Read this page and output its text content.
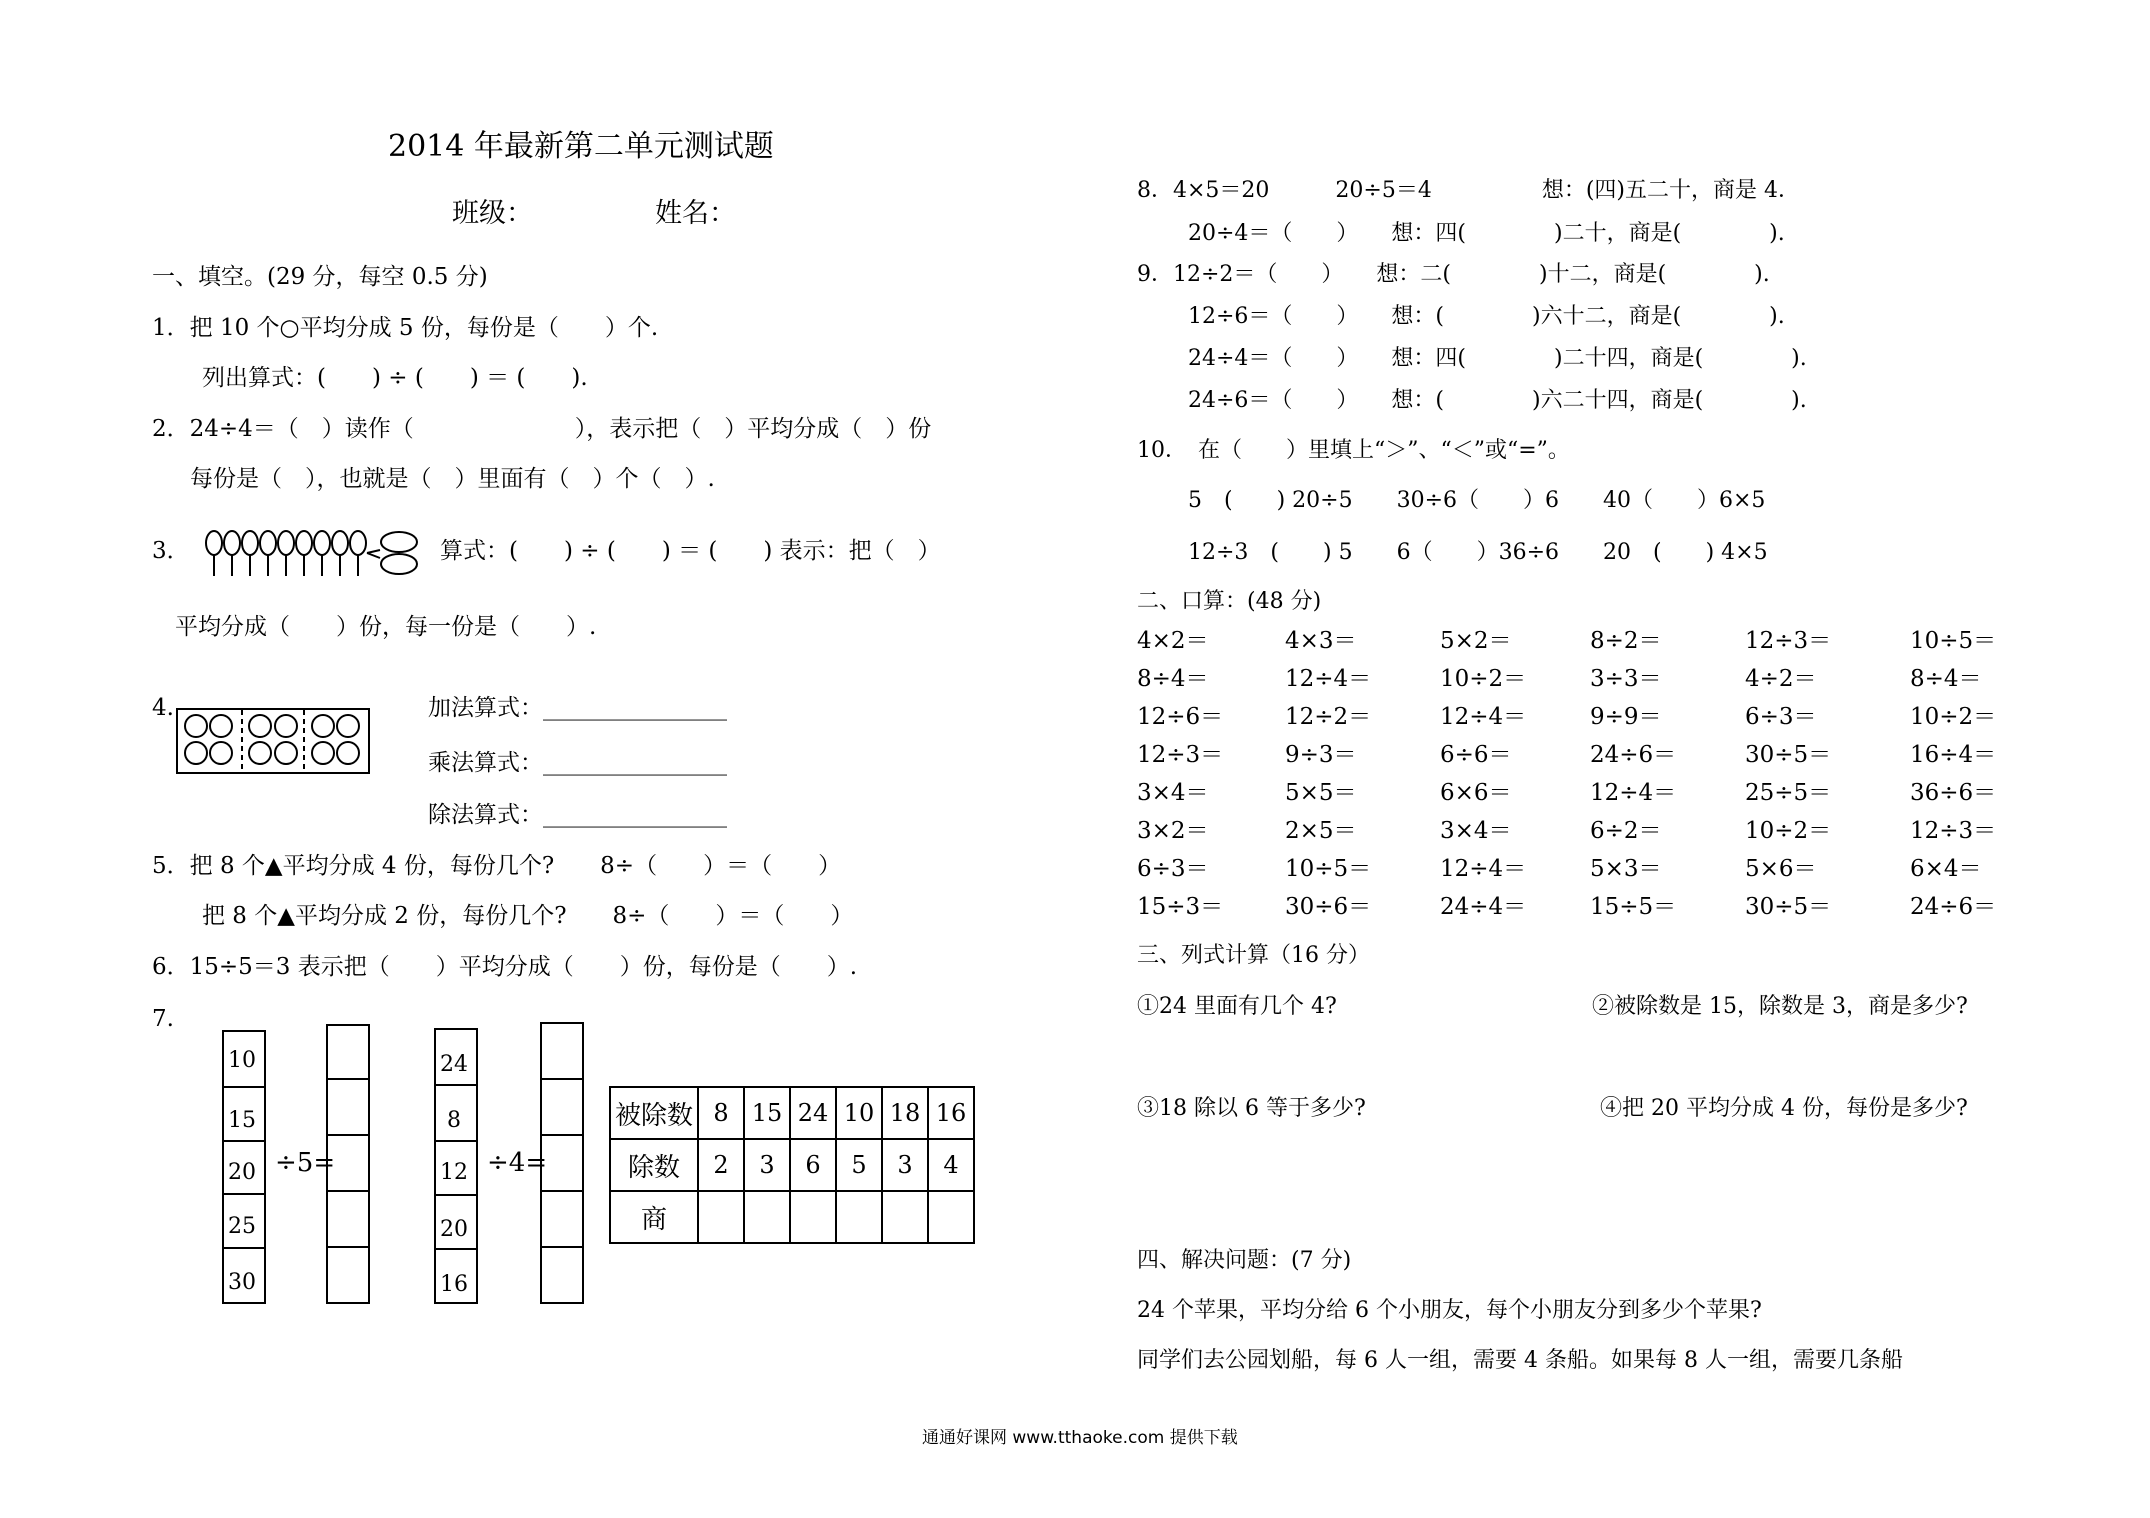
2014 年最新第二单元测试题
班级：	姓名：
一、填空。(29 分，每空 0.5 分)
1．把 10 个○平均分成 5 份，每份是（　　）个.
列出算式：(　　) ÷ (　　) ＝ (　　).
2．24÷4＝（　）读作（　　　　　　　），表示把（　）平均分成（　）份
每份是（　），也就是（　）里面有（　）个（　）.
3．	算式：(　　) ÷ (　　) ＝ (　　) 表示：把（　）
平均分成（　　）份，每一份是（　　）.
4.	加法算式：________________
乘法算式：________________
除法算式：________________
5．把 8 个▲平均分成 4 份，每份几个?　　8÷（　　）＝（　　）
把 8 个▲平均分成 2 份，每份几个?　　8÷（　　）＝（　　）
6．15÷5＝3 表示把（　　）平均分成（　　）份，每份是（　　）.
7.
10
15
20
25
30
÷5=
24
8
12
20
16
÷4=
被除数	8	15	24	10	18	16
除数	2	3	6	5	3	4
商						
8．4×5＝20　　　20÷5＝4　　　　　想：(四)五二十，商是 4．
20÷4＝（　　）　　想：四(　　　　)二十，商是(　　　　).
9．12÷2＝（　　）　　想：二(　　　　)十二，商是(　　　　).
12÷6＝（　　）　　想：(　　　　)六十二，商是(　　　　).
24÷4＝（　　）　　想：四(　　　　)二十四，商是(　　　　).
24÷6＝（　　）　　想：(　　　　)六二十四，商是(　　　　).
10．　在（　　）里填上“＞”、“＜”或“=”。
5　(　　) 20÷5　　30÷6（　　）6　　40（　　）6×5
12÷3　(　　) 5　　6（　　）36÷6　　20　(　　) 4×5
二、口算：(48 分)
4×2＝	4×3＝	5×2＝	8÷2＝	12÷3＝	10÷5＝
8÷4＝	12÷4＝	10÷2＝	3÷3＝	4÷2＝	8÷4＝
12÷6＝	12÷2＝	12÷4＝	9÷9＝	6÷3＝	10÷2＝
12÷3＝	9÷3＝	6÷6＝	24÷6＝	30÷5＝	16÷4＝
3×4＝	5×5＝	6×6＝	12÷4＝	25÷5＝	36÷6＝
3×2＝	2×5＝	3×4＝	6÷2＝	10÷2＝	12÷3＝
6÷3＝	10÷5＝	12÷4＝	5×3＝	5×6＝	6×4＝
15÷3＝	30÷6＝	24÷4＝	15÷5＝	30÷5＝	24÷6＝
三、列式计算（16 分）
①24 里面有几个 4?	②被除数是 15，除数是 3，商是多少?
③18 除以 6 等于多少?	④把 20 平均分成 4 份，每份是多少?
四、解决问题：(7 分)
24 个苹果，平均分给 6 个小朋友，每个小朋友分到多少个苹果?
同学们去公园划船，每 6 人一组，需要 4 条船。如果每 8 人一组，需要几条船
通通好课网 www.tthaoke.com 提供下载
